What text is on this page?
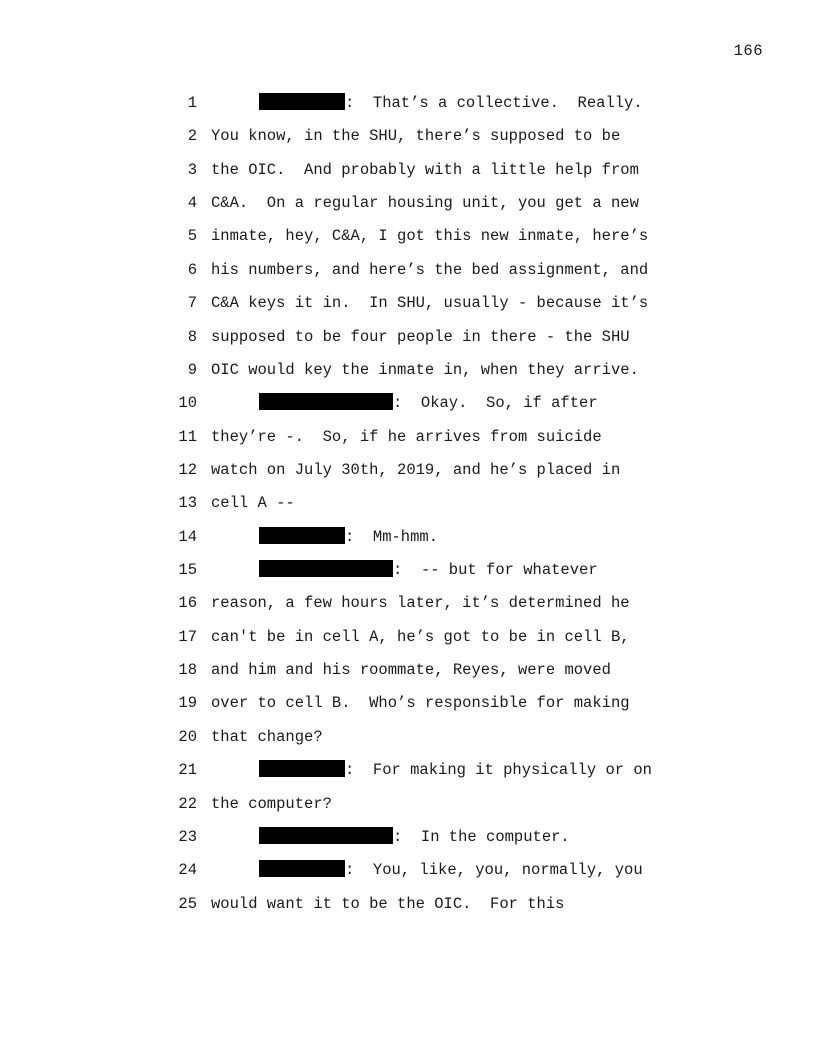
166
1	:  That’s a collective.  Really.
2 You know, in the SHU, there’s supposed to be
3 the OIC.  And probably with a little help from
4 C&A.  On a regular housing unit, you get a new
5 inmate, hey, C&A, I got this new inmate, here’s
6 his numbers, and here’s the bed assignment, and
7 C&A keys it in.  In SHU, usually - because it’s
8 supposed to be four people in there - the SHU
9 OIC would key the inmate in, when they arrive.
10	:  Okay.  So, if after
11 they’re -.  So, if he arrives from suicide
12 watch on July 30th, 2019, and he’s placed in
13 cell A --
14	:  Mm-hmm.
15	:  -- but for whatever
16 reason, a few hours later, it’s determined he
17 can't be in cell A, he’s got to be in cell B,
18 and him and his roommate, Reyes, were moved
19 over to cell B.  Who’s responsible for making
20 that change?
21	:  For making it physically or on
22 the computer?
23	:  In the computer.
24	:  You, like, you, normally, you
25 would want it to be the OIC.  For this
